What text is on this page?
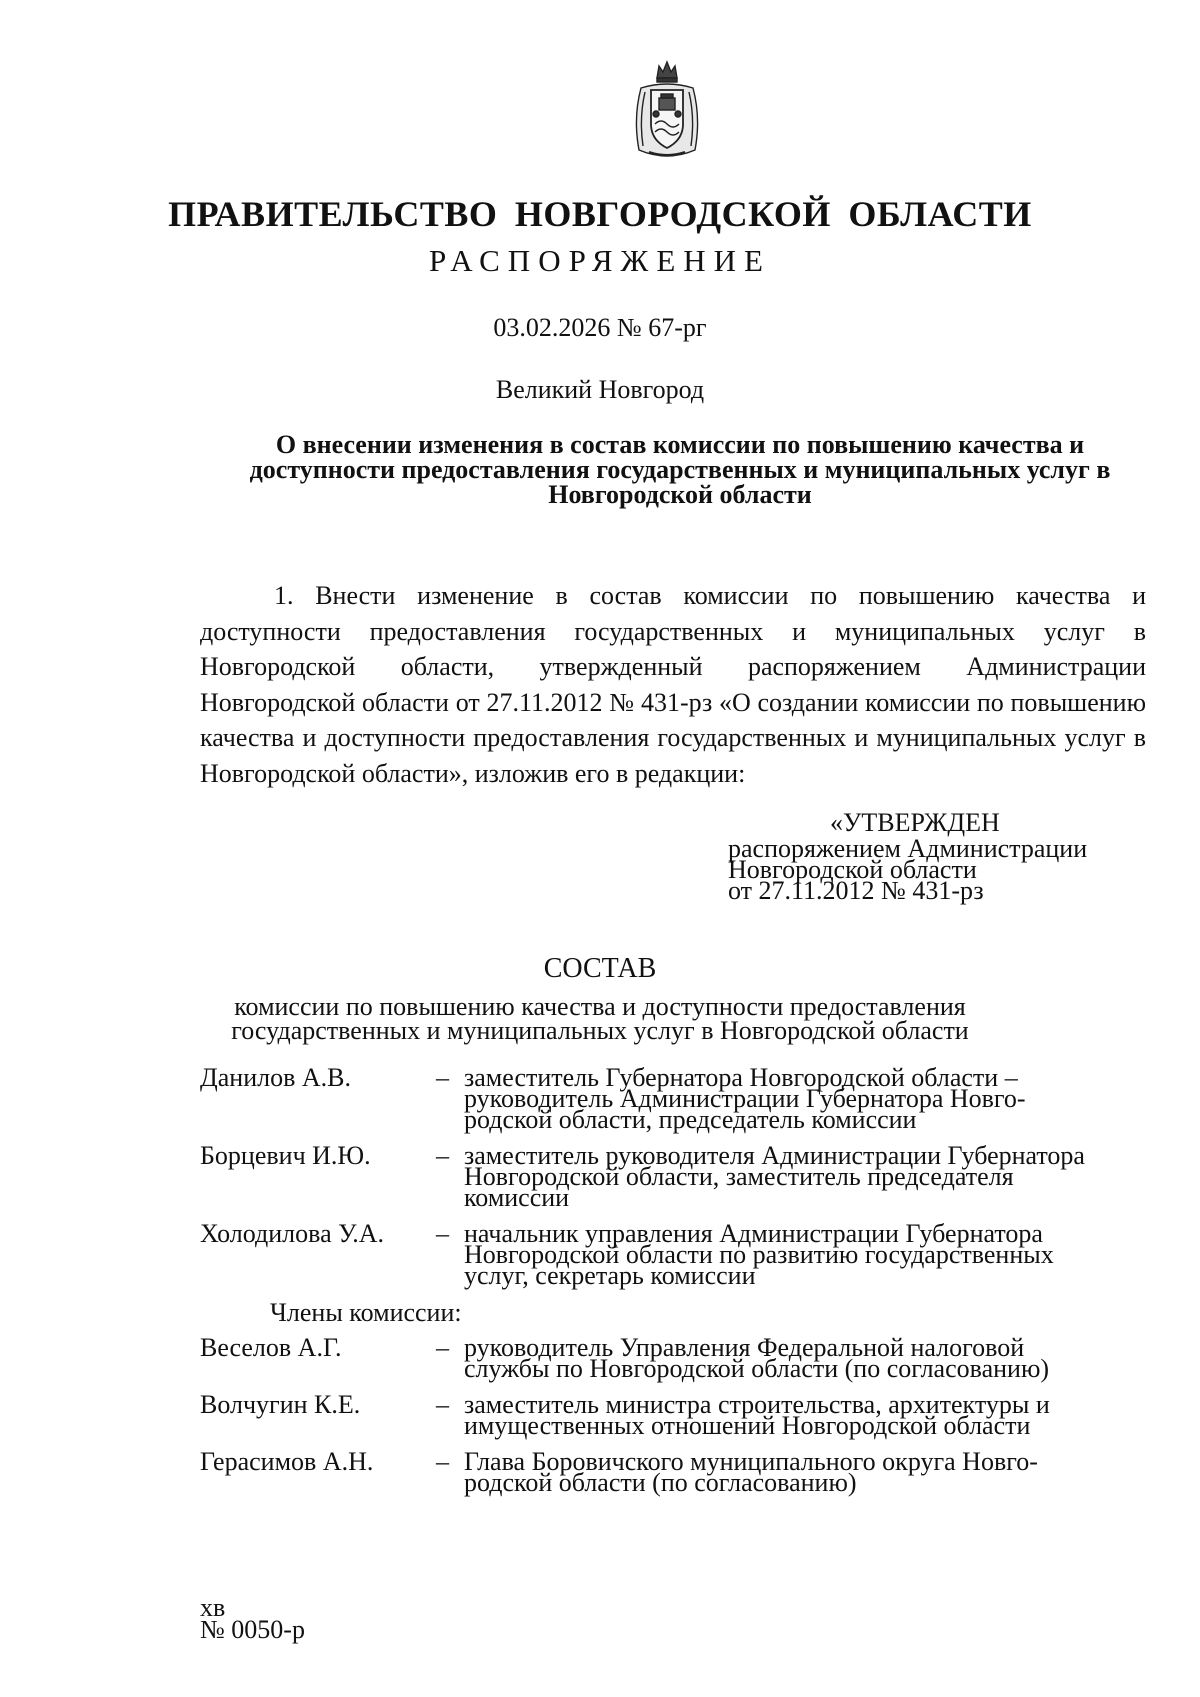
ПРАВИТЕЛЬСТВО НОВГОРОДСКОЙ ОБЛАСТИ
РАСПОРЯЖЕНИЕ
03.02.2026 № 67-рг
Великий Новгород
О внесении изменения в состав комиссии по повышению качества и доступности предоставления государственных и муниципальных услуг в Новгородской области
1. Внести изменение в состав комиссии по повышению качества и доступности предоставления государственных и муниципальных услуг в Новгородской области, утвержденный распоряжением Администрации Новгородской области от 27.11.2012 № 431-рз «О создании комиссии по повышению качества и доступности предоставления государственных и муниципальных услуг в Новгородской области», изложив его в редакции:
«УТВЕРЖДЕН
распоряжением Администрации
Новгородской области
от 27.11.2012 № 431-рз
СОСТАВ
комиссии по повышению качества и доступности предоставления
государственных и муниципальных услуг в Новгородской области
Данилов А.В.	– заместитель Губернатора Новгородской области – руководитель Администрации Губернатора Новго-родской области, председатель комиссии
Борцевич И.Ю.	– заместитель руководителя Администрации Губернатора Новгородской области, заместитель председателя комиссии
Холодилова У.А. – начальник управления Администрации Губернатора Новгородской области по развитию государственных услуг, секретарь комиссии
Члены комиссии:
Веселов А.Г.	– руководитель Управления Федеральной налоговой службы по Новгородской области (по согласованию)
Волчугин К.Е.	– заместитель министра строительства, архитектуры и имущественных отношений Новгородской области
Герасимов А.Н. – Глава Боровичского муниципального округа Новго-родской области (по согласованию)
хв
№ 0050-р
